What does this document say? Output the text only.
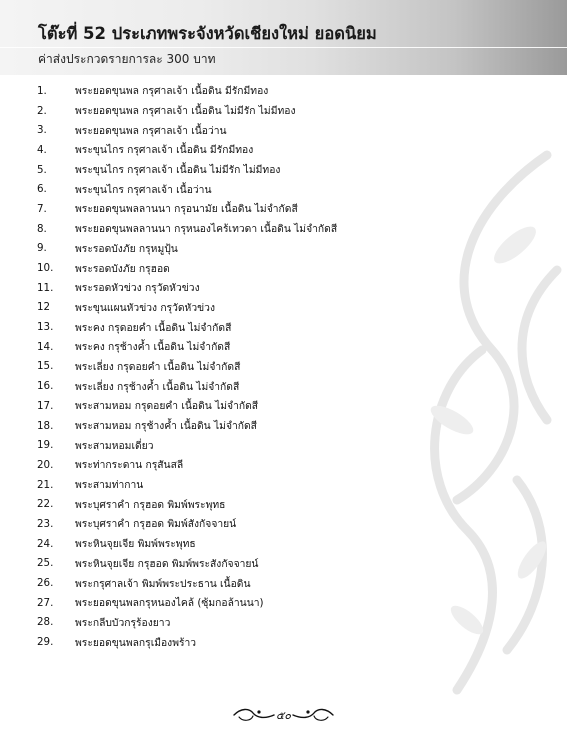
โต๊ะที่ 52 ประเภทพระจังหวัดเชียงใหม่ ยอดนิยม

ค่าส่งประกวดรายการละ 300 บาท

1.	พระยอดขุนพล กรุศาลเจ้า เนื้อดิน มีรักมีทอง
2.	พระยอดขุนพล กรุศาลเจ้า เนื้อดิน ไม่มีรัก ไม่มีทอง
3.	พระยอดขุนพล กรุศาลเจ้า เนื้อว่าน
4.	พระขุนไกร กรุศาลเจ้า เนื้อดิน มีรักมีทอง
5.	พระขุนไกร กรุศาลเจ้า เนื้อดิน ไม่มีรัก ไม่มีทอง
6.	พระขุนไกร กรุศาลเจ้า เนื้อว่าน
7.	พระยอดขุนพลลานนา กรุอนามัย เนื้อดิน ไม่จำกัดสี
8.	พระยอดขุนพลลานนา กรุหนองไคร้เทวดา เนื้อดิน ไม่จำกัดสี
9.	พระรอดบังภัย กรุหมูปุ้น
10.	พระรอดบังภัย กรุฮอด
11.	พระรอดหัวข่วง กรุวัดหัวข่วง
12	พระขุนแผนหัวข่วง กรุวัดหัวข่วง
13.	พระคง กรุดอยคำ เนื้อดิน ไม่จำกัดสี
14.	พระคง กรุช้างค้ำ เนื้อดิน ไม่จำกัดสี
15.	พระเลี่ยง กรุดอยคำ เนื้อดิน ไม่จำกัดสี
16.	พระเลี่ยง กรุช้างค้ำ เนื้อดิน ไม่จำกัดสี
17.	พระสามหอม กรุดอยคำ เนื้อดิน ไม่จำกัดสี
18.	พระสามหอม กรุช้างค้ำ เนื้อดิน ไม่จำกัดสี
19.	พระสามหอมเดี่ยว
20.	พระท่ากระดาน กรุสันสลี
21.	พระสามท่ากาน
22.	พระบุศราคำ กรุฮอด พิมพ์พระพุทธ
23.	พระบุศราคำ กรุฮอด พิมพ์สังกัจจายน์
24.	พระหินจุยเจีย พิมพ์พระพุทธ
25.	พระหินจุยเจีย กรุฮอด พิมพ์พระสังกัจจายน์
26.	พระกรุศาลเจ้า พิมพ์พระประธาน เนื้อดิน
27.	พระยอดขุนพลกรุหนองไคล้ (ซุ้มกอล้านนา)
28.	พระกลีบบัวกรุร้องยาว
29.	พระยอดขุนพลกรุเมืองพร้าว
๕๐
